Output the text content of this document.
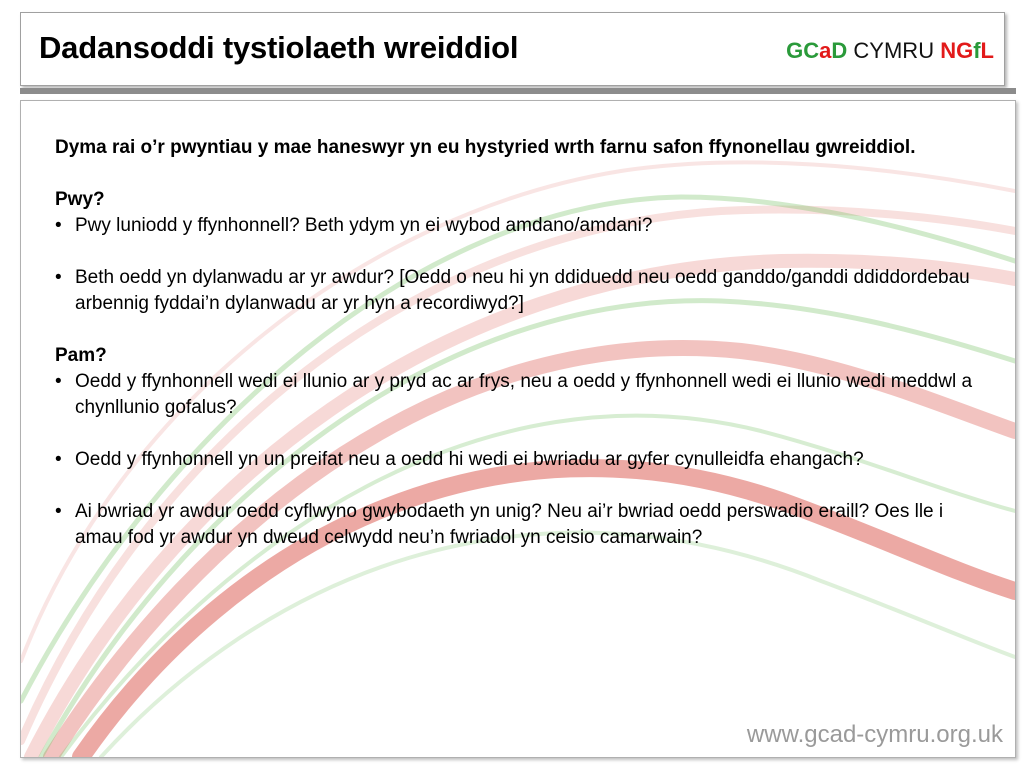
Dadansoddi tystiolaeth wreiddiol	GCaD CYMRU NGfL

Dyma rai o’r pwyntiau y mae haneswyr yn eu hystyried wrth farnu safon ffynonellau gwreiddiol.

Pwy?

• Pwy luniodd y ffynhonnell? Beth ydym yn ei wybod amdano/amdani?

• Beth oedd yn dylanwadu ar yr awdur? [Oedd o neu hi yn ddiduedd neu oedd ganddo/ganddi ddiddordebau arbennig fyddai’n dylanwadu ar yr hyn a recordiwyd?]

Pam?

• Oedd y ffynhonnell wedi ei llunio ar y pryd ac ar frys, neu a oedd y ffynhonnell wedi ei llunio wedi meddwl a chynllunio gofalus?

• Oedd y ffynhonnell yn un preifat neu a oedd hi wedi ei bwriadu ar gyfer cynulleidfa ehangach?

• Ai bwriad yr awdur oedd cyflwyno gwybodaeth yn unig? Neu ai’r bwriad oedd perswadio eraill? Oes lle i amau fod yr awdur yn dweud celwydd neu’n fwriadol yn ceisio camarwain?

www.gcad-cymru.org.uk
